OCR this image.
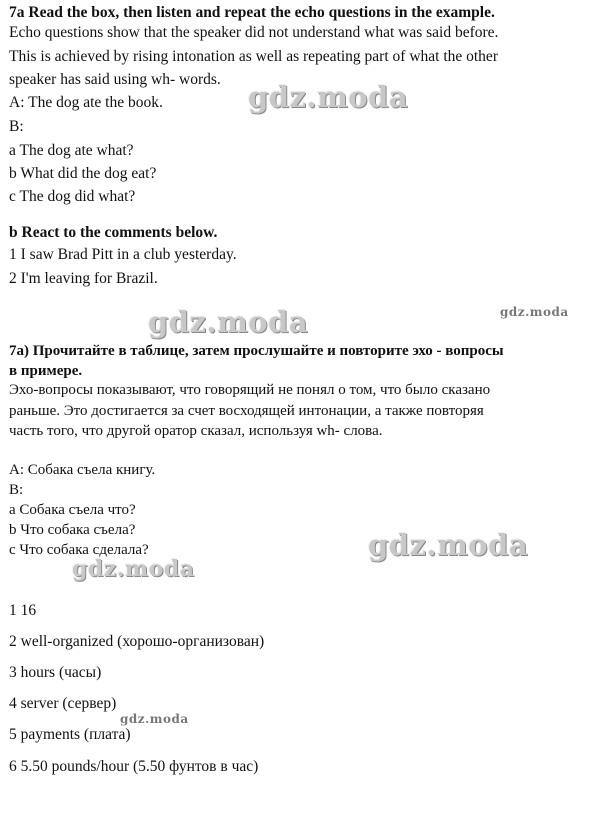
7a Read the box, then listen and repeat the echo questions in the example.
Echo questions show that the speaker did not understand what was said before.
This is achieved by rising intonation as well as repeating part of what the other
speaker has said using wh- words.
A: The dog ate the book.
B:
a The dog ate what?
b What did the dog eat?
c The dog did what?
b React to the comments below.
1 I saw Brad Pitt in a club yesterday.
2 I'm leaving for Brazil.
7a) Прочитайте в таблице, затем прослушайте и повторите эхо - вопросы
в примере.
Эхо-вопросы показывают, что говорящий не понял о том, что было сказано
раньше. Это достигается за счет восходящей интонации, а также повторяя
часть того, что другой оратор сказал, используя wh- слова.
A: Собака съела книгу.
B:
a Собака съела что?
b Что собака съела?
c Что собака сделала?
1 16
2 well-organized (хорошо-организован)
3 hours (часы)
4 server (сервер)
5 payments (плата)
6 5.50 pounds/hour (5.50 фунтов в час)
gdz.moda
gdz.moda	gdz.moda
gdz.moda
gdz.moda
gdz.moda
